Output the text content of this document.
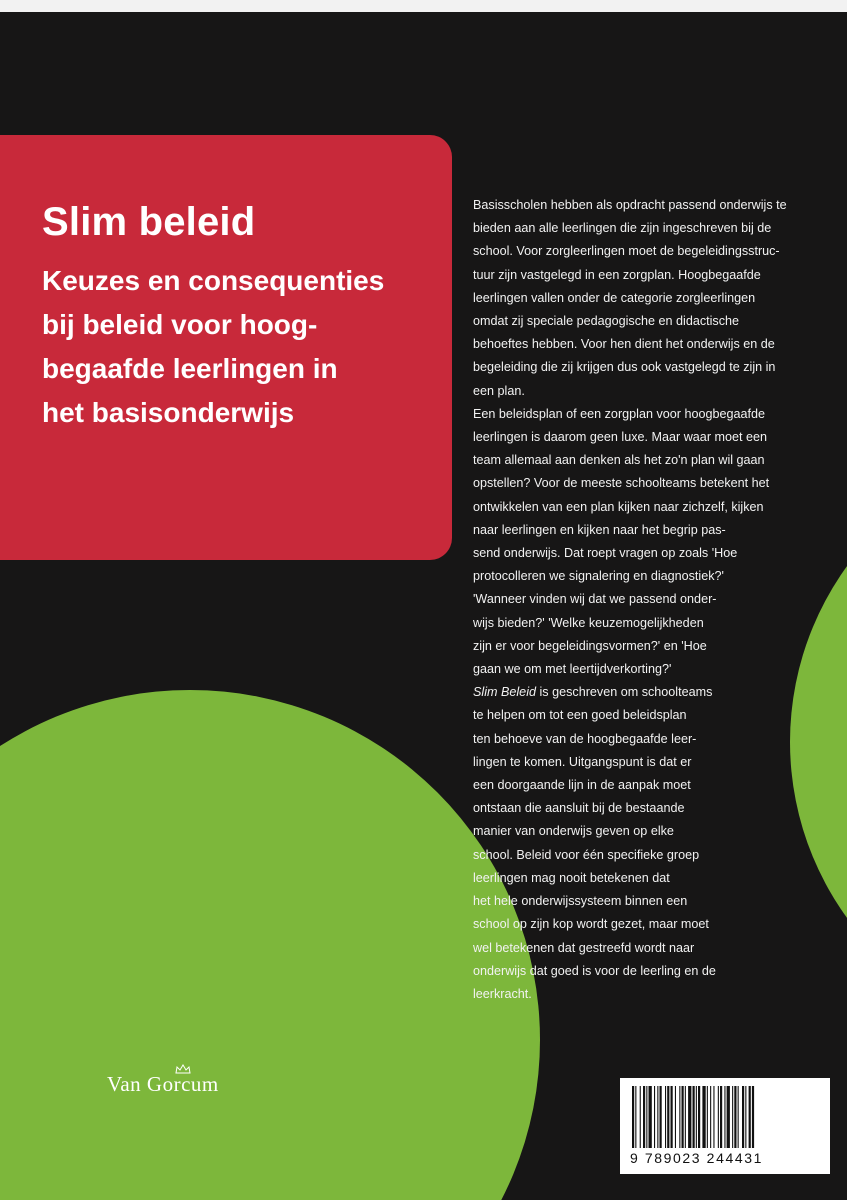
Slim beleid
Keuzes en consequenties
bij beleid voor hoog-
begaafde leerlingen in
het basisonderwijs
Basisscholen hebben als opdracht passend onderwijs te
bieden aan alle leerlingen die zijn ingeschreven bij de
school. Voor zorgleerlingen moet de begeleidingsstruc-
tuur zijn vastgelegd in een zorgplan. Hoogbegaafde
leerlingen vallen onder de categorie zorgleerlingen
omdat zij speciale pedagogische en didactische
behoeftes hebben. Voor hen dient het onderwijs en de
begeleiding die zij krijgen dus ook vastgelegd te zijn in
een plan.
Een beleidsplan of een zorgplan voor hoogbegaafde
leerlingen is daarom geen luxe. Maar waar moet een
team allemaal aan denken als het zo'n plan wil gaan
opstellen? Voor de meeste schoolteams betekent het
ontwikkelen van een plan kijken naar zichzelf, kijken
naar leerlingen en kijken naar het begrip pas-
send onderwijs. Dat roept vragen op zoals 'Hoe
protocolleren we signalering en diagnostiek?'
'Wanneer vinden wij dat we passend onder-
wijs bieden?' 'Welke keuzemogelijkheden
zijn er voor begeleidingsvormen?' en 'Hoe
gaan we om met leertijdverkorting?'
Slim Beleid is geschreven om schoolteams
te helpen om tot een goed beleidsplan
ten behoeve van de hoogbegaafde leer-
lingen te komen. Uitgangspunt is dat er
een doorgaande lijn in de aanpak moet
ontstaan die aansluit bij de bestaande
manier van onderwijs geven op elke
school. Beleid voor één specifieke groep
leerlingen mag nooit betekenen dat
het hele onderwijssysteem binnen een
school op zijn kop wordt gezet, maar moet
wel betekenen dat gestreefd wordt naar
onderwijs dat goed is voor de leerling en de
leerkracht.
Van Gorcum
9 789023 244431
